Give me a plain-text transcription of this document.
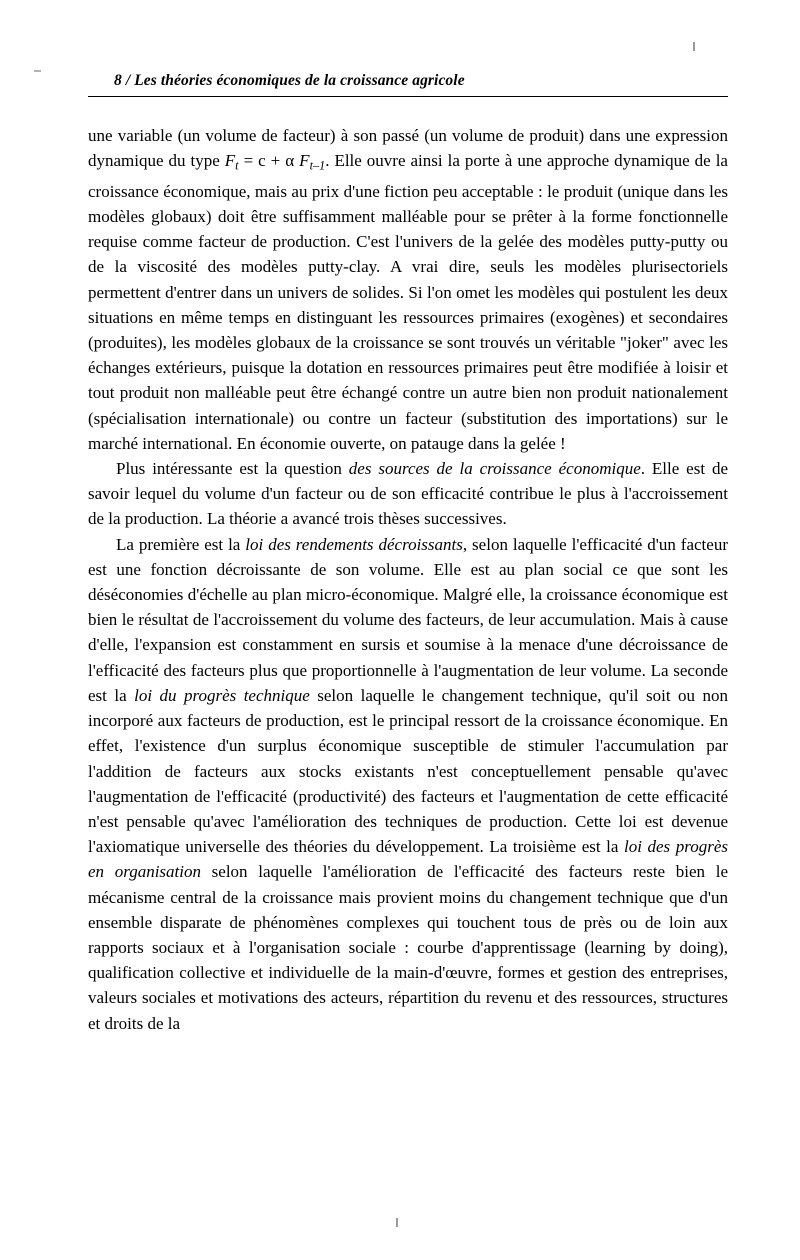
8 / Les théories économiques de la croissance agricole

une variable (un volume de facteur) à son passé (un volume de produit) dans une expression dynamique du type $F_t = c + \alpha$ $F_{t-1}$. Elle ouvre ainsi la porte à une approche dynamique de la croissance économique, mais au prix d'une fiction peu acceptable : le produit (unique dans les modèles globaux) doit être suffisamment malléable pour se prêter à la forme fonctionnelle requise comme facteur de production. C'est l'univers de la gelée des modèles putty-putty ou de la viscosité des modèles putty-clay. A vrai dire, seuls les modèles plurisectoriels permettent d'entrer dans un univers de solides. Si l'on omet les modèles qui postulent les deux situations en même temps en distinguant les ressources primaires (exogènes) et secondaires (produites), les modèles globaux de la croissance se sont trouvés un véritable "joker" avec les échanges extérieurs, puisque la dotation en ressources primaires peut être modifiée à loisir et tout produit non malléable peut être échangé contre un autre bien non produit nationalement (spécialisation internationale) ou contre un facteur (substitution des importations) sur le marché international. En économie ouverte, on patauge dans la gelée !

Plus intéressante est la question des sources de la croissance économique. Elle est de savoir lequel du volume d'un facteur ou de son efficacité contribue le plus à l'accroissement de la production. La théorie a avancé trois thèses successives.

La première est la loi des rendements décroissants, selon laquelle l'efficacité d'un facteur est une fonction décroissante de son volume. Elle est au plan social ce que sont les déséconomies d'échelle au plan micro-économique. Malgré elle, la croissance économique est bien le résultat de l'accroissement du volume des facteurs, de leur accumulation. Mais à cause d'elle, l'expansion est constamment en sursis et soumise à la menace d'une décroissance de l'efficacité des facteurs plus que proportionnelle à l'augmentation de leur volume. La seconde est la loi du progrès technique selon laquelle le changement technique, qu'il soit ou non incorporé aux facteurs de production, est le principal ressort de la croissance économique. En effet, l'existence d'un surplus économique susceptible de stimuler l'accumulation par l'addition de facteurs aux stocks existants n'est conceptuellement pensable qu'avec l'augmentation de l'efficacité (productivité) des facteurs et l'augmentation de cette efficacité n'est pensable qu'avec l'amélioration des techniques de production. Cette loi est devenue l'axiomatique universelle des théories du développement. La troisième est la loi des progrès en organisation selon laquelle l'amélioration de l'efficacité des facteurs reste bien le mécanisme central de la croissance mais provient moins du changement technique que d'un ensemble disparate de phénomènes complexes qui touchent tous de près ou de loin aux rapports sociaux et à l'organisation sociale : courbe d'apprentissage (learning by doing), qualification collective et individuelle de la main-d'œuvre, formes et gestion des entreprises, valeurs sociales et motivations des acteurs, répartition du revenu et des ressources, structures et droits de la
